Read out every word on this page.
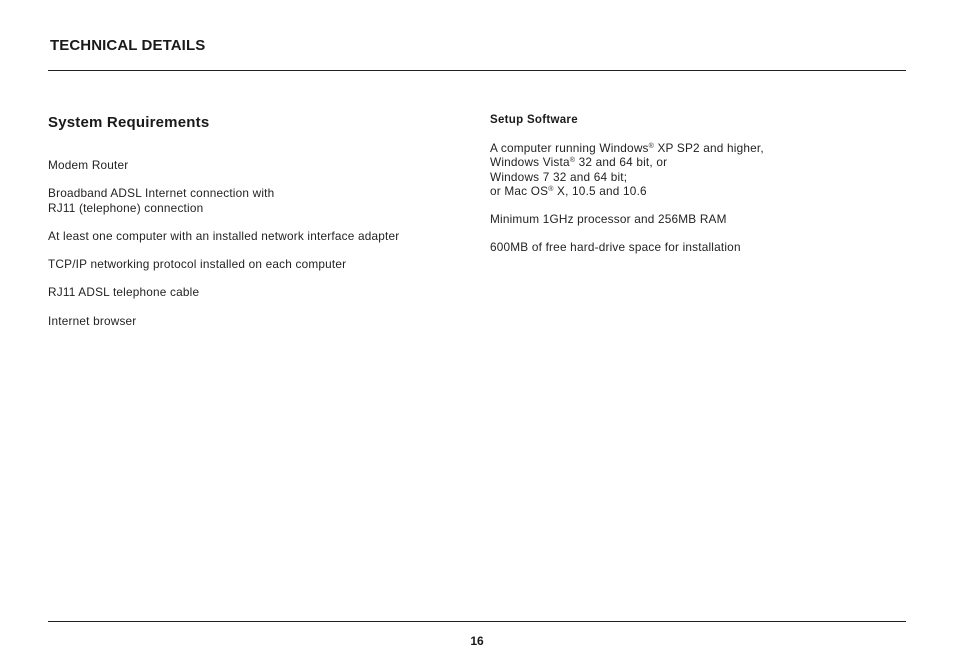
TECHNICAL DETAILS
System Requirements
Modem Router
Broadband ADSL Internet connection with
RJ11 (telephone) connection
At least one computer with an installed network interface adapter
TCP/IP networking protocol installed on each computer
RJ11 ADSL telephone cable
Internet browser
Setup Software
A computer running Windows® XP SP2 and higher,
Windows Vista® 32 and 64 bit, or
Windows 7 32 and 64 bit;
or Mac OS® X, 10.5 and 10.6
Minimum 1GHz processor and 256MB RAM
600MB of free hard-drive space for installation
16
